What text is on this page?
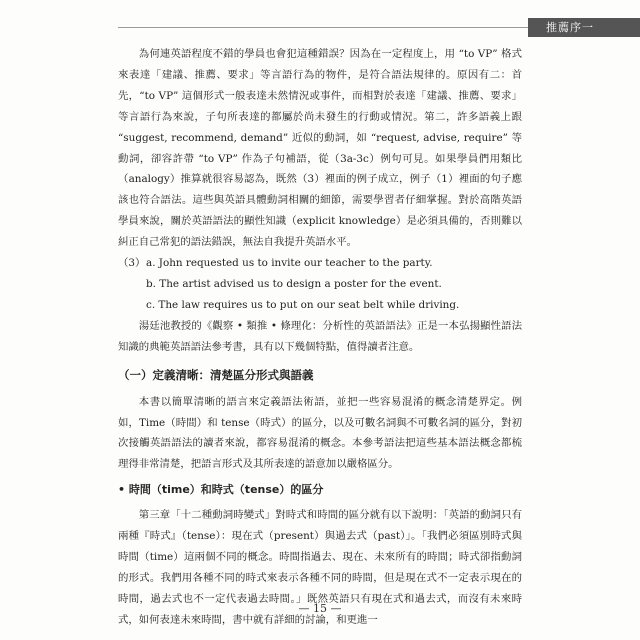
推薦序一

為何連英語程度不錯的學員也會犯這種錯誤？因為在一定程度上，用 “to VP” 格式來表達「建議、推薦、要求」等言語行為的物件，是符合語法規律的。原因有二：首先，“to VP” 這個形式一般表達未然情況或事件，而相對於表達「建議、推薦、要求」等言語行為來說，子句所表達的都屬於尚未發生的行動或情況。第二，許多語義上跟 “suggest, recommend, demand” 近似的動詞，如 “request, advise, require” 等動詞，卻容許帶 “to VP” 作為子句補語，從（3a-3c）例句可見。如果學員們用類比（analogy）推算就很容易認為，既然（3）裡面的例子成立，例子（1）裡面的句子應該也符合語法。這些與英語具體動詞相關的細節，需要學習者仔細掌握。對於高階英語學員來說，關於英語語法的顯性知識（explicit knowledge）是必須具備的，否則難以糾正自己常犯的語法錯誤，無法自我提升英語水平。

（3）a. John requested us to invite our teacher to the party.
b. The artist advised us to design a poster for the event.
c. The law requires us to put on our seat belt while driving.

湯廷池教授的《觀察 • 類推 • 條理化：分析性的英語語法》正是一本弘揚顯性語法知識的典範英語語法參考書，具有以下幾個特點，值得讀者注意。

（一）定義清晰：清楚區分形式與語義

本書以簡單清晰的語言來定義語法術語，並把一些容易混淆的概念清楚界定。例如，Time（時間）和 tense（時式）的區分，以及可數名詞與不可數名詞的區分，對初次接觸英語語法的讀者來說，都容易混淆的概念。本參考語法把這些基本語法概念都梳理得非常清楚，把語言形式及其所表達的語意加以嚴格區分。

• 時間（time）和時式（tense）的區分

第三章「十二種動詞時變式」對時式和時間的區分就有以下說明：「英語的動詞只有兩種『時式』（tense）：現在式（present）與過去式（past）」。「我們必須區別時式與時間（time）這兩個不同的概念。時間指過去、現在、未來所有的時間；時式卻指動詞的形式。我們用各種不同的時式來表示各種不同的時間，但是現在式不一定表示現在的時間，過去式也不一定代表過去時間。」既然英語只有現在式和過去式，而沒有未來時式，如何表達未來時間，書中就有詳細的討論，和更進一

— 15 —
